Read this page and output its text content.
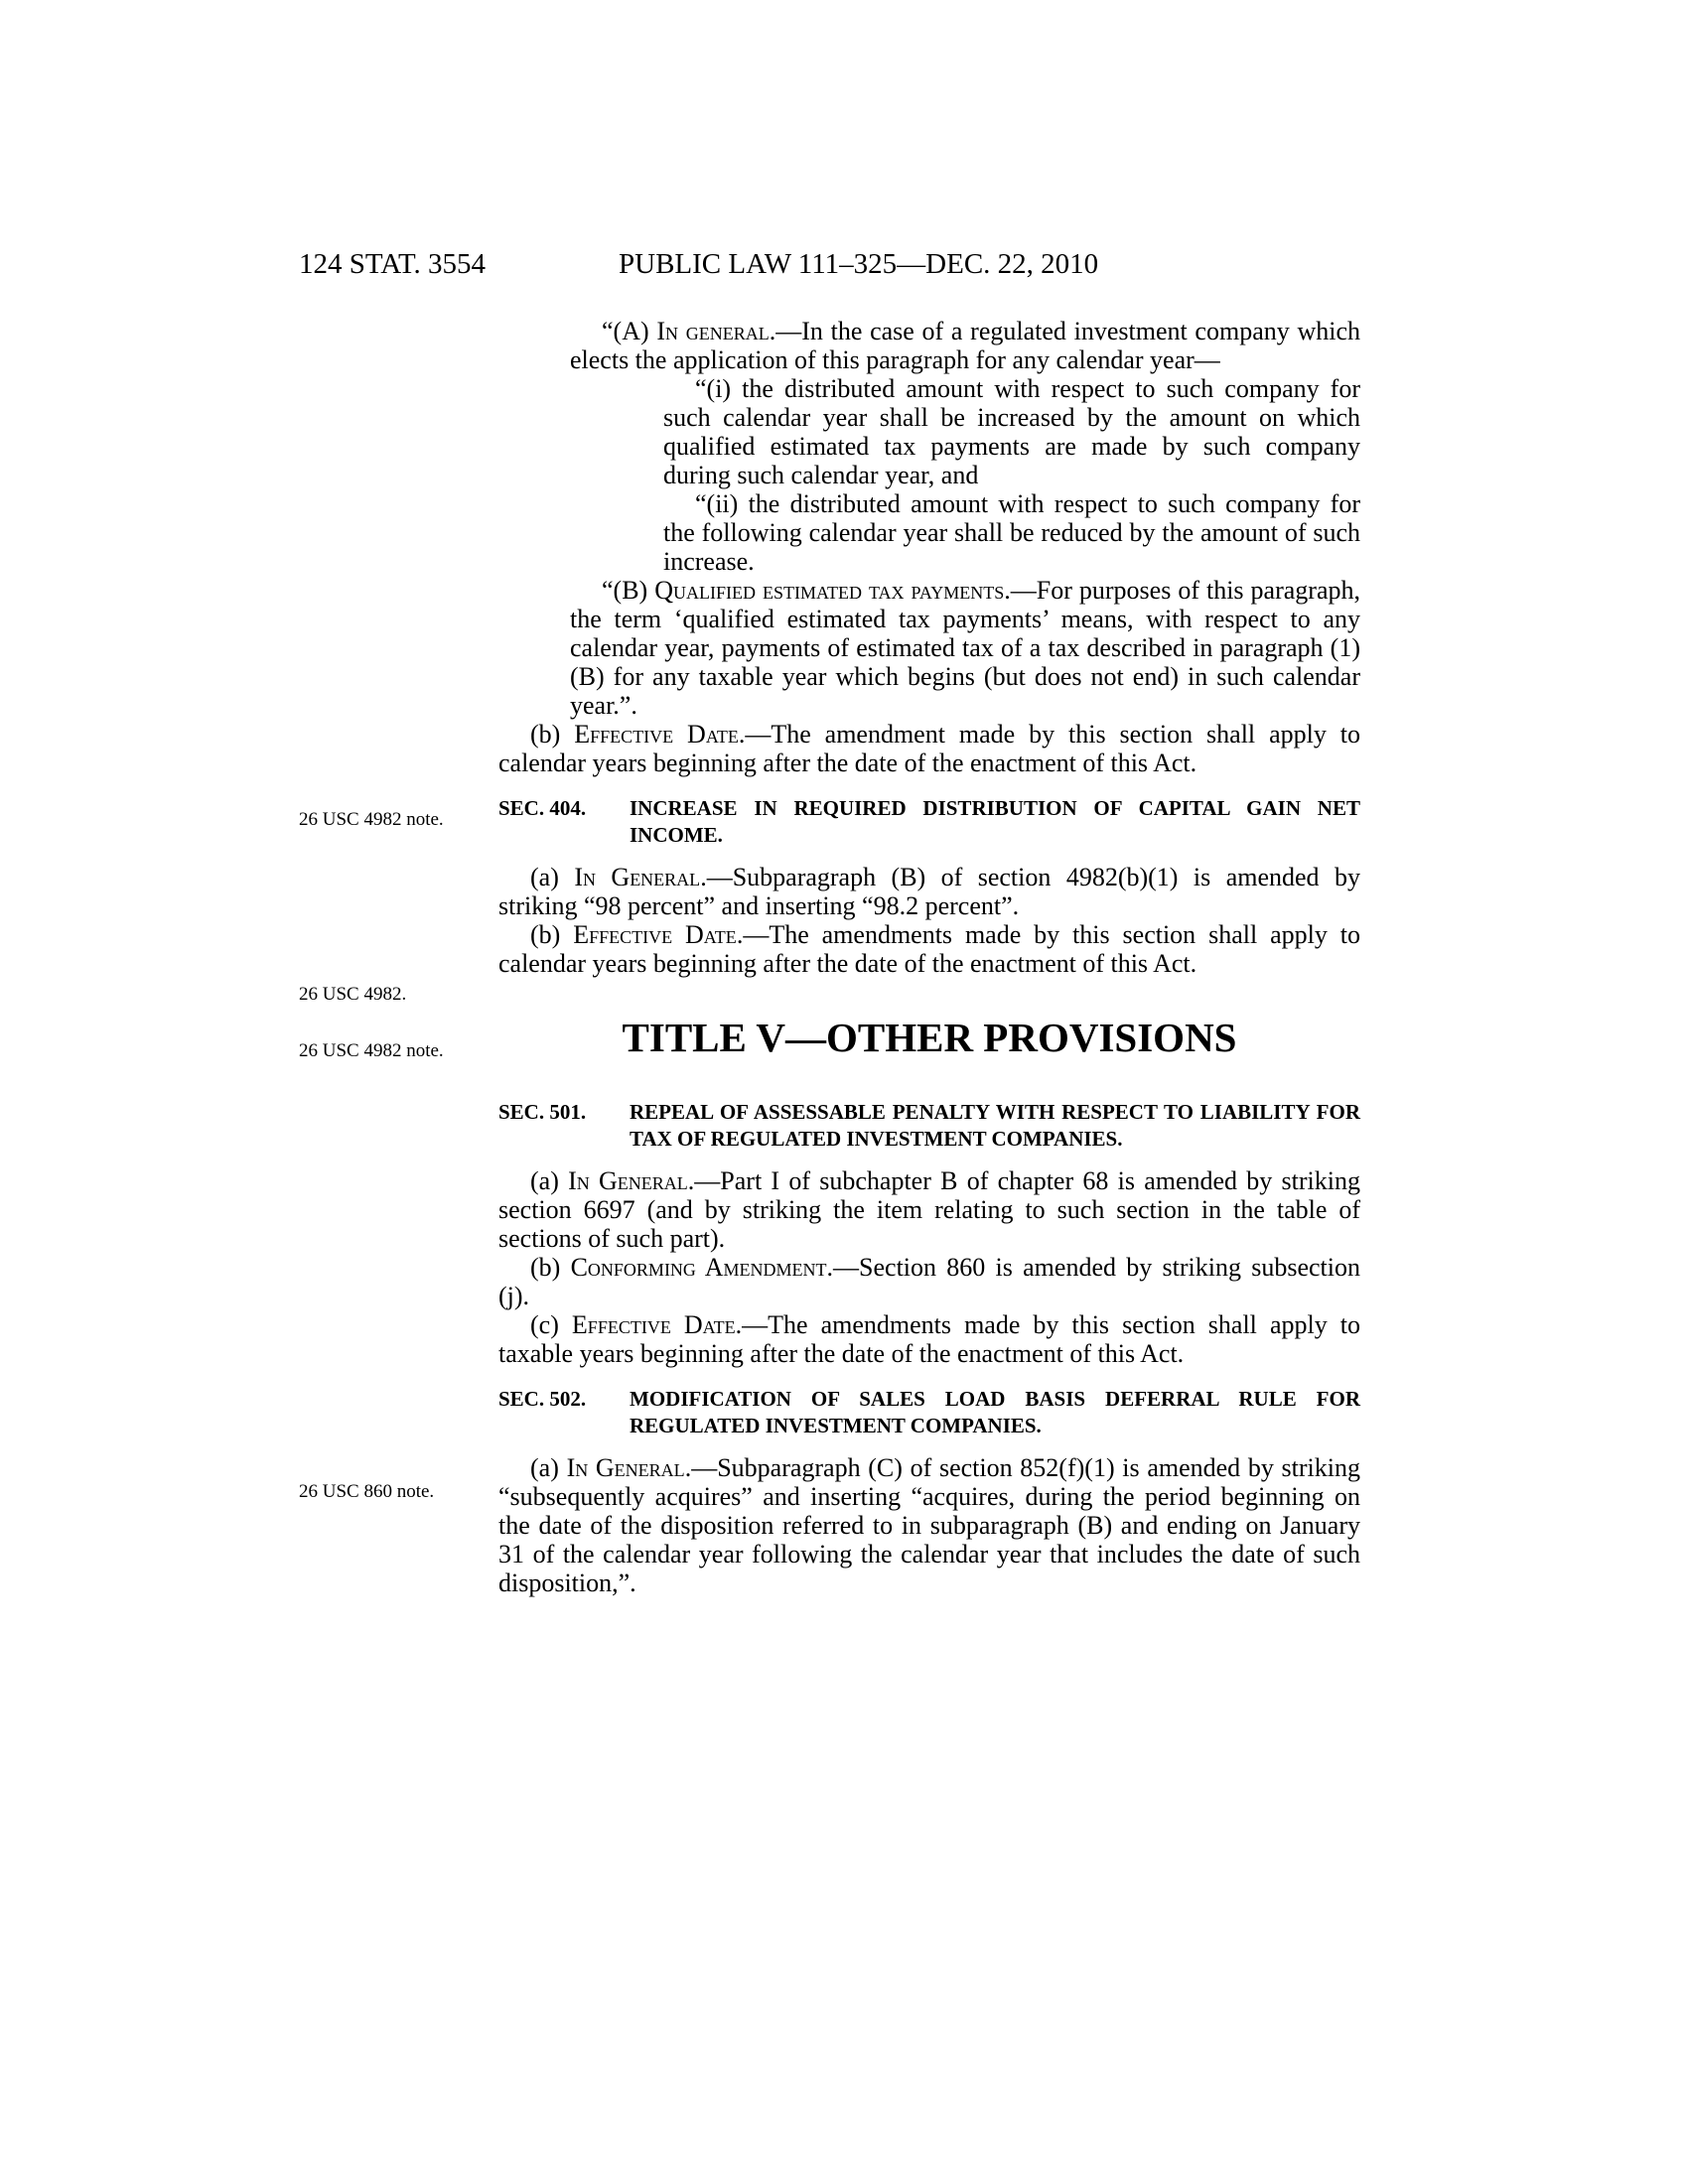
124 STAT. 3554	PUBLIC LAW 111–325—DEC. 22, 2010
26 USC 4982 note.
26 USC 4982.
26 USC 4982 note.
26 USC 860 note.

“(A) In general.—In the case of a regulated investment company which elects the application of this paragraph for any calendar year—

“(i) the distributed amount with respect to such company for such calendar year shall be increased by the amount on which qualified estimated tax payments are made by such company during such calendar year, and

“(ii) the distributed amount with respect to such company for the following calendar year shall be reduced by the amount of such increase.

“(B) Qualified estimated tax payments.—For purposes of this paragraph, the term ‘qualified estimated tax payments’ means, with respect to any calendar year, payments of estimated tax of a tax described in paragraph (1)(B) for any taxable year which begins (but does not end) in such calendar year.”.

(b) Effective Date.—The amendment made by this section shall apply to calendar years beginning after the date of the enactment of this Act.

SEC. 404. INCREASE IN REQUIRED DISTRIBUTION OF CAPITAL GAIN NET INCOME.

(a) In General.—Subparagraph (B) of section 4982(b)(1) is amended by striking “98 percent” and inserting “98.2 percent”.

(b) Effective Date.—The amendments made by this section shall apply to calendar years beginning after the date of the enactment of this Act.

TITLE V—OTHER PROVISIONS

SEC. 501. REPEAL OF ASSESSABLE PENALTY WITH RESPECT TO LIABILITY FOR TAX OF REGULATED INVESTMENT COMPANIES.

(a) In General.—Part I of subchapter B of chapter 68 is amended by striking section 6697 (and by striking the item relating to such section in the table of sections of such part).

(b) Conforming Amendment.—Section 860 is amended by striking subsection (j).

(c) Effective Date.—The amendments made by this section shall apply to taxable years beginning after the date of the enactment of this Act.

SEC. 502. MODIFICATION OF SALES LOAD BASIS DEFERRAL RULE FOR REGULATED INVESTMENT COMPANIES.

(a) In General.—Subparagraph (C) of section 852(f)(1) is amended by striking “subsequently acquires” and inserting “acquires, during the period beginning on the date of the disposition referred to in subparagraph (B) and ending on January 31 of the calendar year following the calendar year that includes the date of such disposition,”.
